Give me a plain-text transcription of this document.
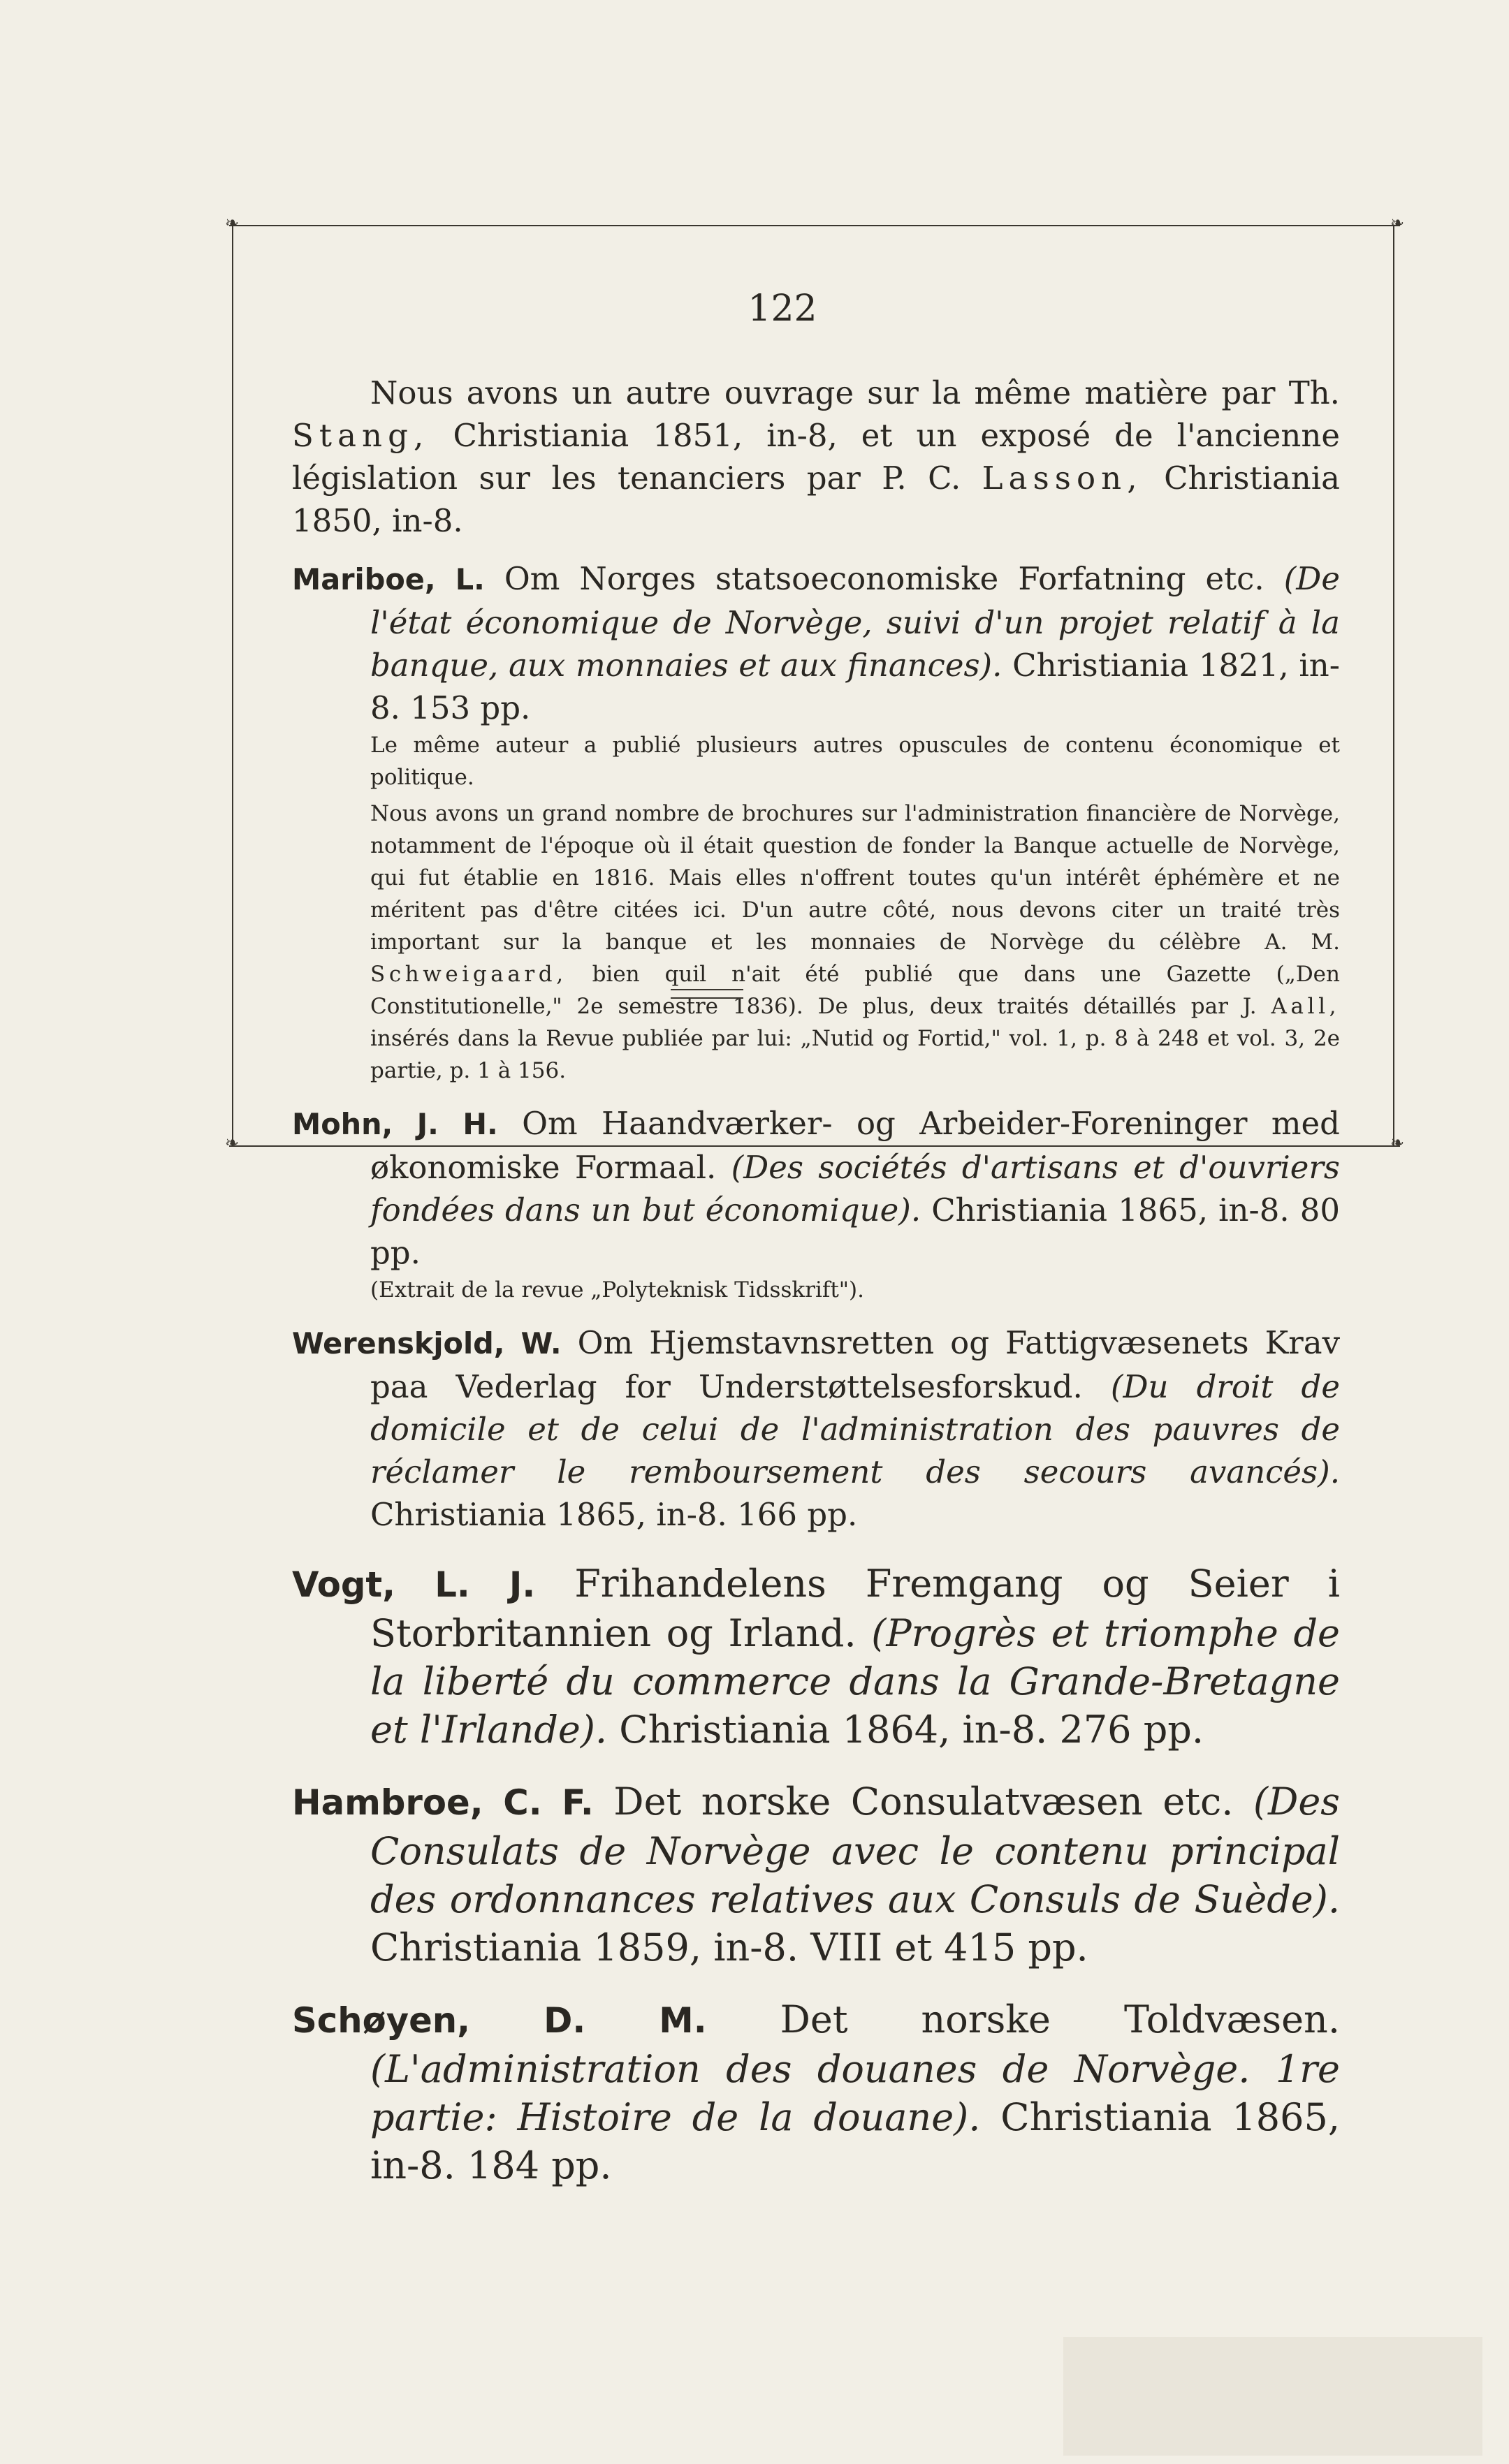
❧	❧
❧	❧
122

Nous avons un autre ouvrage sur la même matière par Th. Stang, Christiania 1851, in-8, et un exposé de l'ancienne législation sur les tenanciers par P. C. Lasson, Christiania 1850, in-8.

Mariboe, L. Om Norges statsoeconomiske Forfatning etc. (De l'état économique de Norvège, suivi d'un projet relatif à la banque, aux monnaies et aux finances). Christiania 1821, in-8. 153 pp.

Le même auteur a publié plusieurs autres opuscules de contenu économique et politique.

Nous avons un grand nombre de brochures sur l'administration financière de Norvège, notamment de l'époque où il était question de fonder la Banque actuelle de Norvège, qui fut établie en 1816. Mais elles n'offrent toutes qu'un intérêt éphémère et ne méritent pas d'être citées ici. D'un autre côté, nous devons citer un traité très important sur la banque et les monnaies de Norvège du célèbre A. M. Schweigaard, bien quil n'ait été publié que dans une Gazette („Den Constitutionelle," 2e semestre 1836). De plus, deux traités détaillés par J. Aall, insérés dans la Revue publiée par lui: „Nutid og Fortid," vol. 1, p. 8 à 248 et vol. 3, 2e partie, p. 1 à 156.

Mohn, J. H. Om Haandværker- og Arbeider-Foreninger med økonomiske Formaal. (Des sociétés d'artisans et d'ouvriers fondées dans un but économique). Christiania 1865, in-8. 80 pp.

(Extrait de la revue „Polyteknisk Tidsskrift").

Werenskjold, W. Om Hjemstavnsretten og Fattigvæsenets Krav paa Vederlag for Understøttelsesforskud. (Du droit de domicile et de celui de l'administration des pauvres de réclamer le remboursement des secours avancés). Christiania 1865, in-8. 166 pp.

Vogt, L. J. Frihandelens Fremgang og Seier i Storbritannien og Irland. (Progrès et triomphe de la liberté du commerce dans la Grande-Bretagne et l'Irlande). Christiania 1864, in-8. 276 pp.

Hambroe, C. F. Det norske Consulatvæsen etc. (Des Consulats de Norvège avec le contenu principal des ordonnances relatives aux Consuls de Suède). Christiania 1859, in-8. VIII et 415 pp.

Schøyen, D. M. Det norske Toldvæsen. (L'administration des douanes de Norvège. 1re partie: Histoire de la douane). Christiania 1865, in-8. 184 pp.
